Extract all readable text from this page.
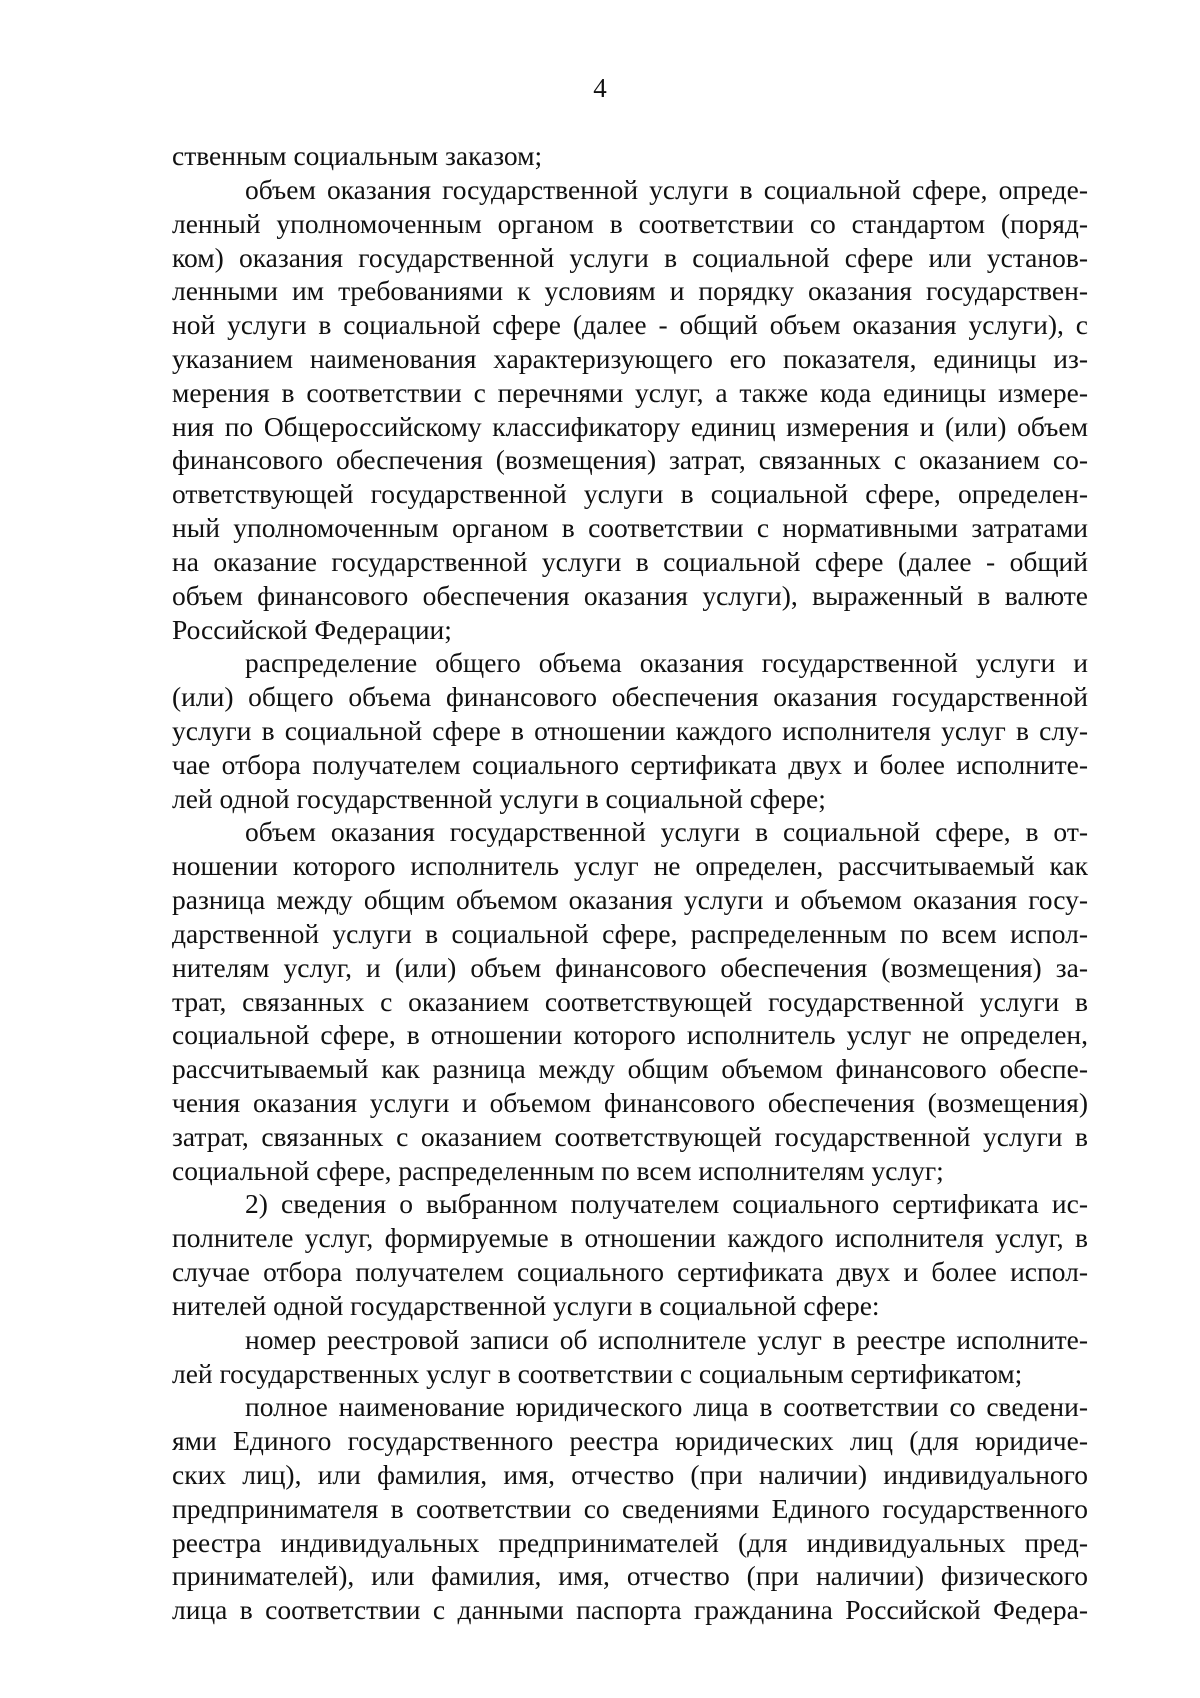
4
ственным социальным заказом;
объем оказания государственной услуги в социальной сфере, опреде-
ленный уполномоченным органом в соответствии со стандартом (поряд-
ком) оказания государственной услуги в социальной сфере или установ-
ленными им требованиями к условиям и порядку оказания государствен-
ной услуги в социальной сфере (далее - общий объем оказания услуги), с
указанием наименования характеризующего его показателя, единицы из-
мерения в соответствии с перечнями услуг, а также кода единицы измере-
ния по Общероссийскому классификатору единиц измерения и (или) объем
финансового обеспечения (возмещения) затрат, связанных с оказанием со-
ответствующей государственной услуги в социальной сфере, определен-
ный уполномоченным органом в соответствии с нормативными затратами
на оказание государственной услуги в социальной сфере (далее - общий
объем финансового обеспечения оказания услуги), выраженный в валюте
Российской Федерации;
распределение общего объема оказания государственной услуги и
(или) общего объема финансового обеспечения оказания государственной
услуги в социальной сфере в отношении каждого исполнителя услуг в слу-
чае отбора получателем социального сертификата двух и более исполните-
лей одной государственной услуги в социальной сфере;
объем оказания государственной услуги в социальной сфере, в от-
ношении которого исполнитель услуг не определен, рассчитываемый как
разница между общим объемом оказания услуги и объемом оказания госу-
дарственной услуги в социальной сфере, распределенным по всем испол-
нителям услуг, и (или) объем финансового обеспечения (возмещения) за-
трат, связанных с оказанием соответствующей государственной услуги в
социальной сфере, в отношении которого исполнитель услуг не определен,
рассчитываемый как разница между общим объемом финансового обеспе-
чения оказания услуги и объемом финансового обеспечения (возмещения)
затрат, связанных с оказанием соответствующей государственной услуги в
социальной сфере, распределенным по всем исполнителям услуг;
2) сведения о выбранном получателем социального сертификата ис-
полнителе услуг, формируемые в отношении каждого исполнителя услуг, в
случае отбора получателем социального сертификата двух и более испол-
нителей одной государственной услуги в социальной сфере:
номер реестровой записи об исполнителе услуг в реестре исполните-
лей государственных услуг в соответствии с социальным сертификатом;
полное наименование юридического лица в соответствии со сведени-
ями Единого государственного реестра юридических лиц (для юридиче-
ских лиц), или фамилия, имя, отчество (при наличии) индивидуального
предпринимателя в соответствии со сведениями Единого государственного
реестра индивидуальных предпринимателей (для индивидуальных пред-
принимателей), или фамилия, имя, отчество (при наличии) физического
лица в соответствии с данными паспорта гражданина Российской Федера-
